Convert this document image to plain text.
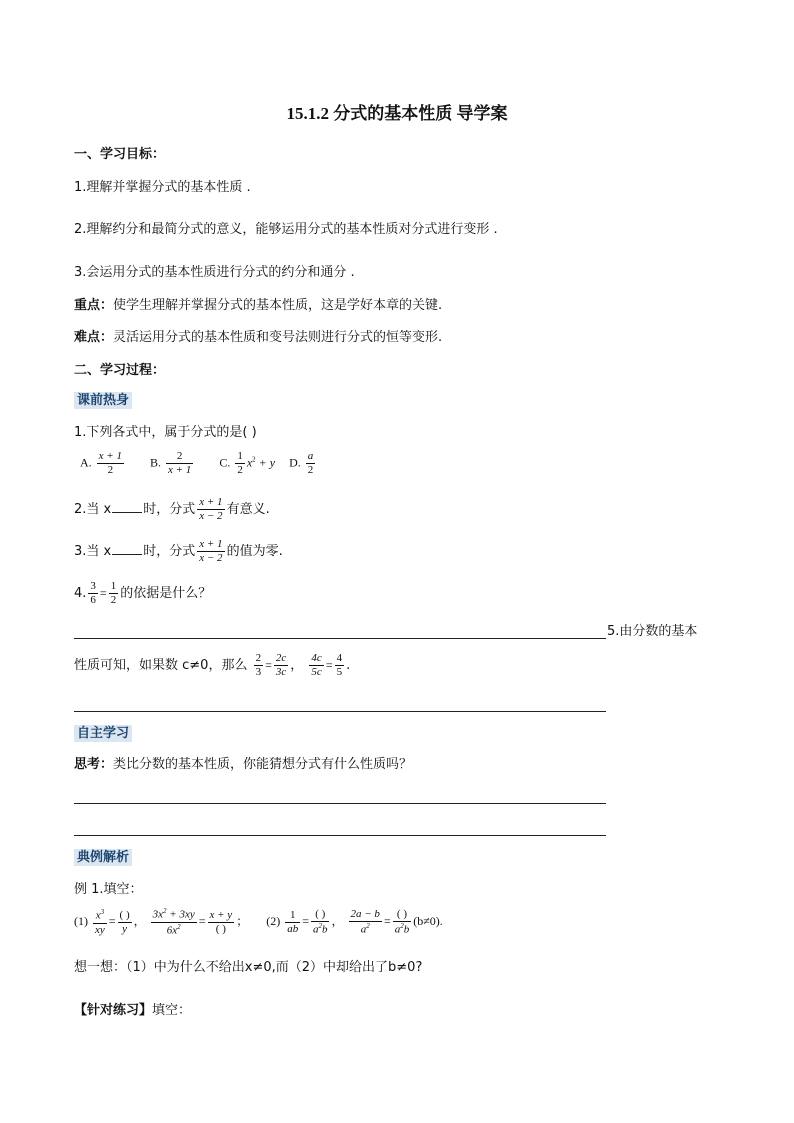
15.1.2 分式的基本性质 导学案
一、学习目标：
1.理解并掌握分式的基本性质 .
2.理解约分和最简分式的意义，能够运用分式的基本性质对分式进行变形 .
3.会运用分式的基本性质进行分式的约分和通分 .
重点：使学生理解并掌握分式的基本性质，这是学好本章的关键.
难点：灵活运用分式的基本性质和变号法则进行分式的恒等变形.
二、学习过程：
课前热身
1.下列各式中，属于分式的是( )
A. $\frac{x + 1}{2} B$. $\frac{2}{x + 1} C$. $\frac{1}{2} x^2 + y$ D. $\frac{a}{2}$
2.当 x 时，分式 $\frac{x + 1}{x - 2}$ 有意义.
3.当 x 时，分式 $\frac{x + 1}{x - 2}$ 的值为零.
4. $\frac{3}{6} = \frac{1}{2}$ 的依据是什么？
5.由分数的基本
性质可知，如果数 c≠0，那么 $\frac{2}{3} = \frac{2c}{3c}$ ， $\frac{4c}{5c} = \frac{4}{5}$ .
自主学习
思考：类比分数的基本性质，你能猜想分式有什么性质吗？
典例解析
例 1.填空：
$(1) \frac{x^3}{xy} = \frac{( )}{y}$ ， $\frac{3x^2 + 3xy}{6x^2} = \frac{x + y}{( )}$ ； $(2) \frac{1}{ab} = \frac{( )}{a^2b}$ ， $\frac{2a - b}{a^2} = \frac{( )}{a^2b} (b\ne 0)$.
想一想：（1）中为什么不给出x≠0,而（2）中却给出了b≠0?
【针对练习】填空：
